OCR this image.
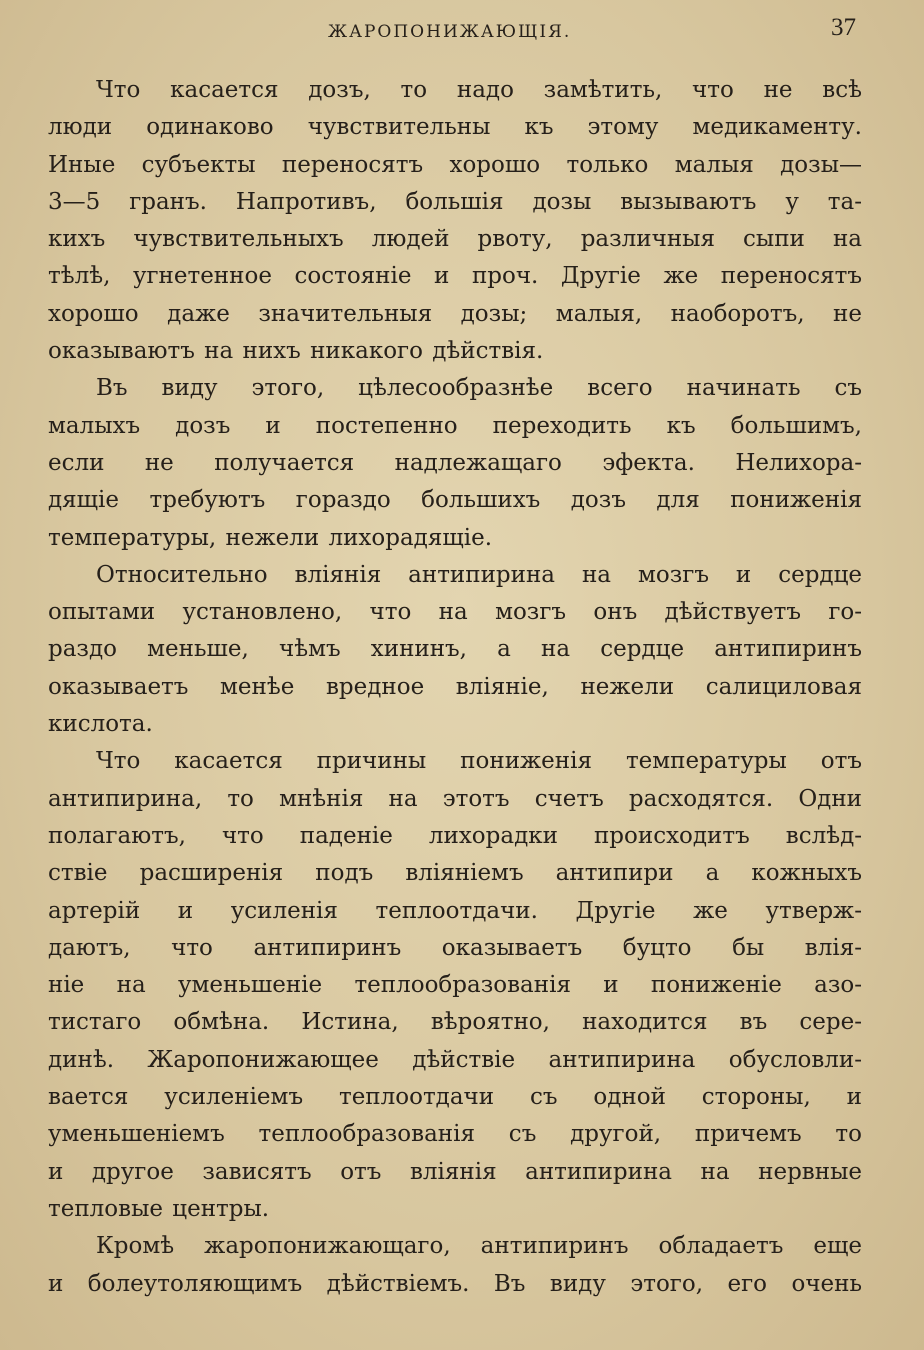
ЖАРОПОНИЖАЮЩІЯ.	37

Что касается дозъ, то надо замѣтить, что не всѣ
люди одинаково чувствительны къ этому медикаменту.
Иные субъекты переносятъ хорошо только малыя дозы—
3—5 гранъ. Напротивъ, большія дозы вызываютъ у та-
кихъ чувствительныхъ людей рвоту, различныя сыпи на
тѣлѣ, угнетенное состояніе и проч. Другіе же переносятъ
хорошо даже значительныя дозы; малыя, наоборотъ, не
оказываютъ на нихъ никакого дѣйствія.

Въ виду этого, цѣлесообразнѣе всего начинать съ
малыхъ дозъ и постепенно переходить къ большимъ,
если не получается надлежащаго эфекта. Нелихора-
дящіе требуютъ гораздо большихъ дозъ для пониженія
температуры, нежели лихорадящіе.

Относительно вліянія антипирина на мозгъ и сердце
опытами установлено, что на мозгъ онъ дѣйствуетъ го-
раздо меньше, чѣмъ хининъ, а на сердце антипиринъ
оказываетъ менѣе вредное вліяніе, нежели салициловая
кислота.

Что касается причины пониженія температуры отъ
антипирина, то мнѣнія на этотъ счетъ расходятся. Одни
полагаютъ, что паденіе лихорадки происходитъ вслѣд-
ствіе расширенія подъ вліяніемъ антипири а кожныхъ
артерій и усиленія теплоотдачи. Другіе же утверж-
даютъ, что антипиринъ оказываетъ буцто бы влія-
ніе на уменьшеніе теплообразованія и пониженіе азо-
тистаго обмѣна. Истина, вѣроятно, находится въ сере-
динѣ. Жаропонижающее дѣйствіе антипирина обусловли-
вается усиленіемъ теплоотдачи съ одной стороны, и
уменьшеніемъ теплообразованія съ другой, причемъ то
и другое зависятъ отъ вліянія антипирина на нервные
тепловые центры.

Кромѣ жаропонижающаго, антипиринъ обладаетъ еще
и болеутоляющимъ дѣйствіемъ. Въ виду этого, его очень
